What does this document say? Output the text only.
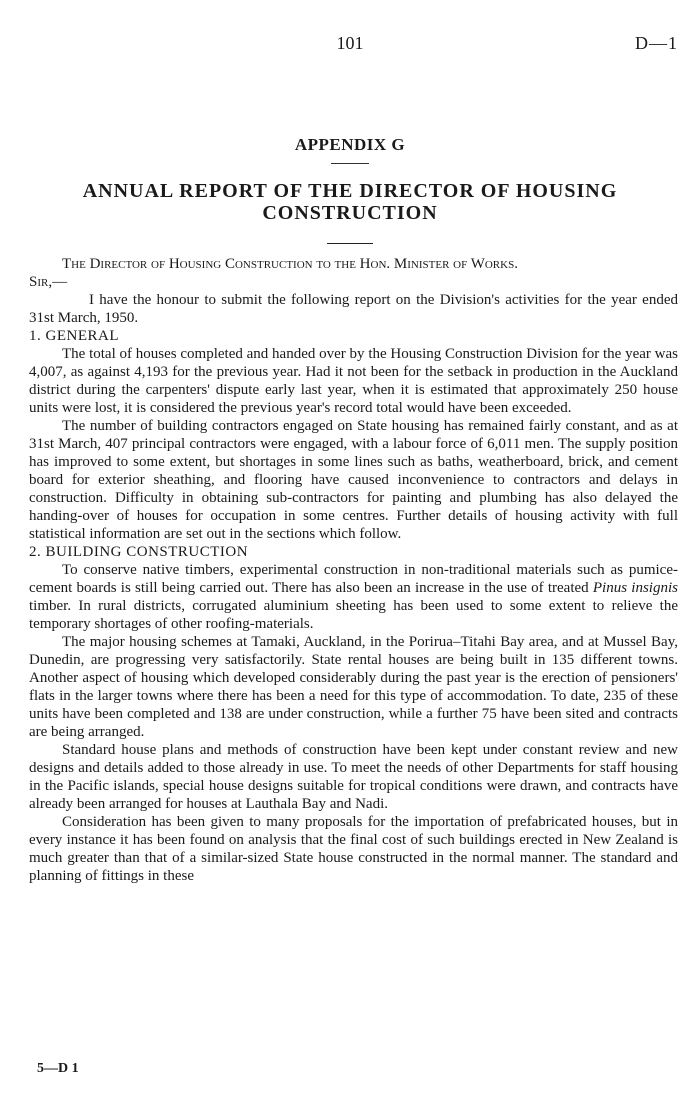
101	D—1
APPENDIX G
ANNUAL REPORT OF THE DIRECTOR OF HOUSING CONSTRUCTION

The Director of Housing Construction to the Hon. Minister of Works.

Sir,—

I have the honour to submit the following report on the Division's activities for the year ended 31st March, 1950.

1. GENERAL

The total of houses completed and handed over by the Housing Construction Division for the year was 4,007, as against 4,193 for the previous year. Had it not been for the setback in production in the Auckland district during the carpenters' dispute early last year, when it is estimated that approximately 250 house units were lost, it is considered the previous year's record total would have been exceeded.

The number of building contractors engaged on State housing has remained fairly constant, and as at 31st March, 407 principal contractors were engaged, with a labour force of 6,011 men. The supply position has improved to some extent, but shortages in some lines such as baths, weatherboard, brick, and cement board for exterior sheathing, and flooring have caused inconvenience to contractors and delays in construction. Difficulty in obtaining sub-contractors for painting and plumbing has also delayed the handing-over of houses for occupation in some centres. Further details of housing activity with full statistical information are set out in the sections which follow.

2. BUILDING CONSTRUCTION

To conserve native timbers, experimental construction in non-traditional materials such as pumice-cement boards is still being carried out. There has also been an increase in the use of treated Pinus insignis timber. In rural districts, corrugated aluminium sheeting has been used to some extent to relieve the temporary shortages of other roofing-materials.

The major housing schemes at Tamaki, Auckland, in the Porirua–Titahi Bay area, and at Mussel Bay, Dunedin, are progressing very satisfactorily. State rental houses are being built in 135 different towns. Another aspect of housing which developed considerably during the past year is the erection of pensioners' flats in the larger towns where there has been a need for this type of accommodation. To date, 235 of these units have been completed and 138 are under construction, while a further 75 have been sited and contracts are being arranged.

Standard house plans and methods of construction have been kept under constant review and new designs and details added to those already in use. To meet the needs of other Departments for staff housing in the Pacific islands, special house designs suitable for tropical conditions were drawn, and contracts have already been arranged for houses at Lauthala Bay and Nadi.

Consideration has been given to many proposals for the importation of prefabricated houses, but in every instance it has been found on analysis that the final cost of such buildings erected in New Zealand is much greater than that of a similar-sized State house constructed in the normal manner. The standard and planning of fittings in these

5—D 1
